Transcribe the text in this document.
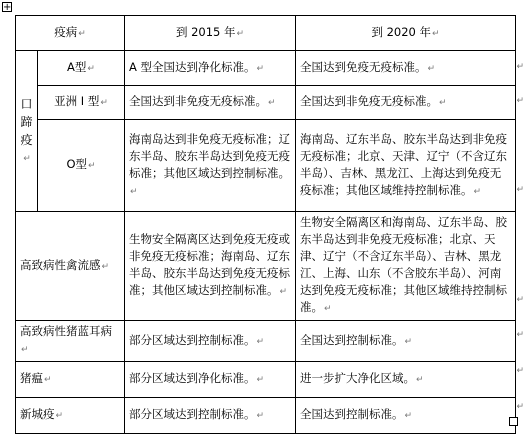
+
疫病↵		到 2015 年↵	到 2020 年↵

口
蹄
疫
↵	A型↵	A 型全国达到净化标准。↵	全国达到免疫无疫标准。↵
	亚洲 I 型↵	全国达到非免疫无疫标准。↵	全国达到非免疫无疫标准。↵
	O型↵	海南岛达到非免疫无疫标准；辽东半岛、胶东半岛达到免疫无疫标准；其他区域达到控制标准。↵	海南岛、辽东半岛、胶东半岛达到非免疫无疫标准；北京、天津、辽宁（不含辽东半岛）、吉林、黑龙江、上海达到免疫无疫标准；其他区域维持控制标准。↵
高致病性禽流感↵		生物安全隔离区达到免疫无疫或非免疫无疫标准；海南岛、辽东半岛、胶东半岛达到免疫无疫标准；其他区域达到控制标准。↵	生物安全隔离区和海南岛、辽东半岛、胶东半岛达到非免疫无疫标准；北京、天津、辽宁（不含辽东半岛）、吉林、黑龙江、上海、山东（不含胶东半岛）、河南达到免疫无疫标准；其他区域维持控制标准。↵
高致病性猪蓝耳病↵		部分区域达到控制标准。↵	全国达到控制标准。↵
猪瘟↵		部分区域达到净化标准。↵	进一步扩大净化区域。↵
新城疫↵		部分区域达到控制标准。↵	全国达到控制标准。↵
↵
↵
↵
↵
↵
↵
↵
